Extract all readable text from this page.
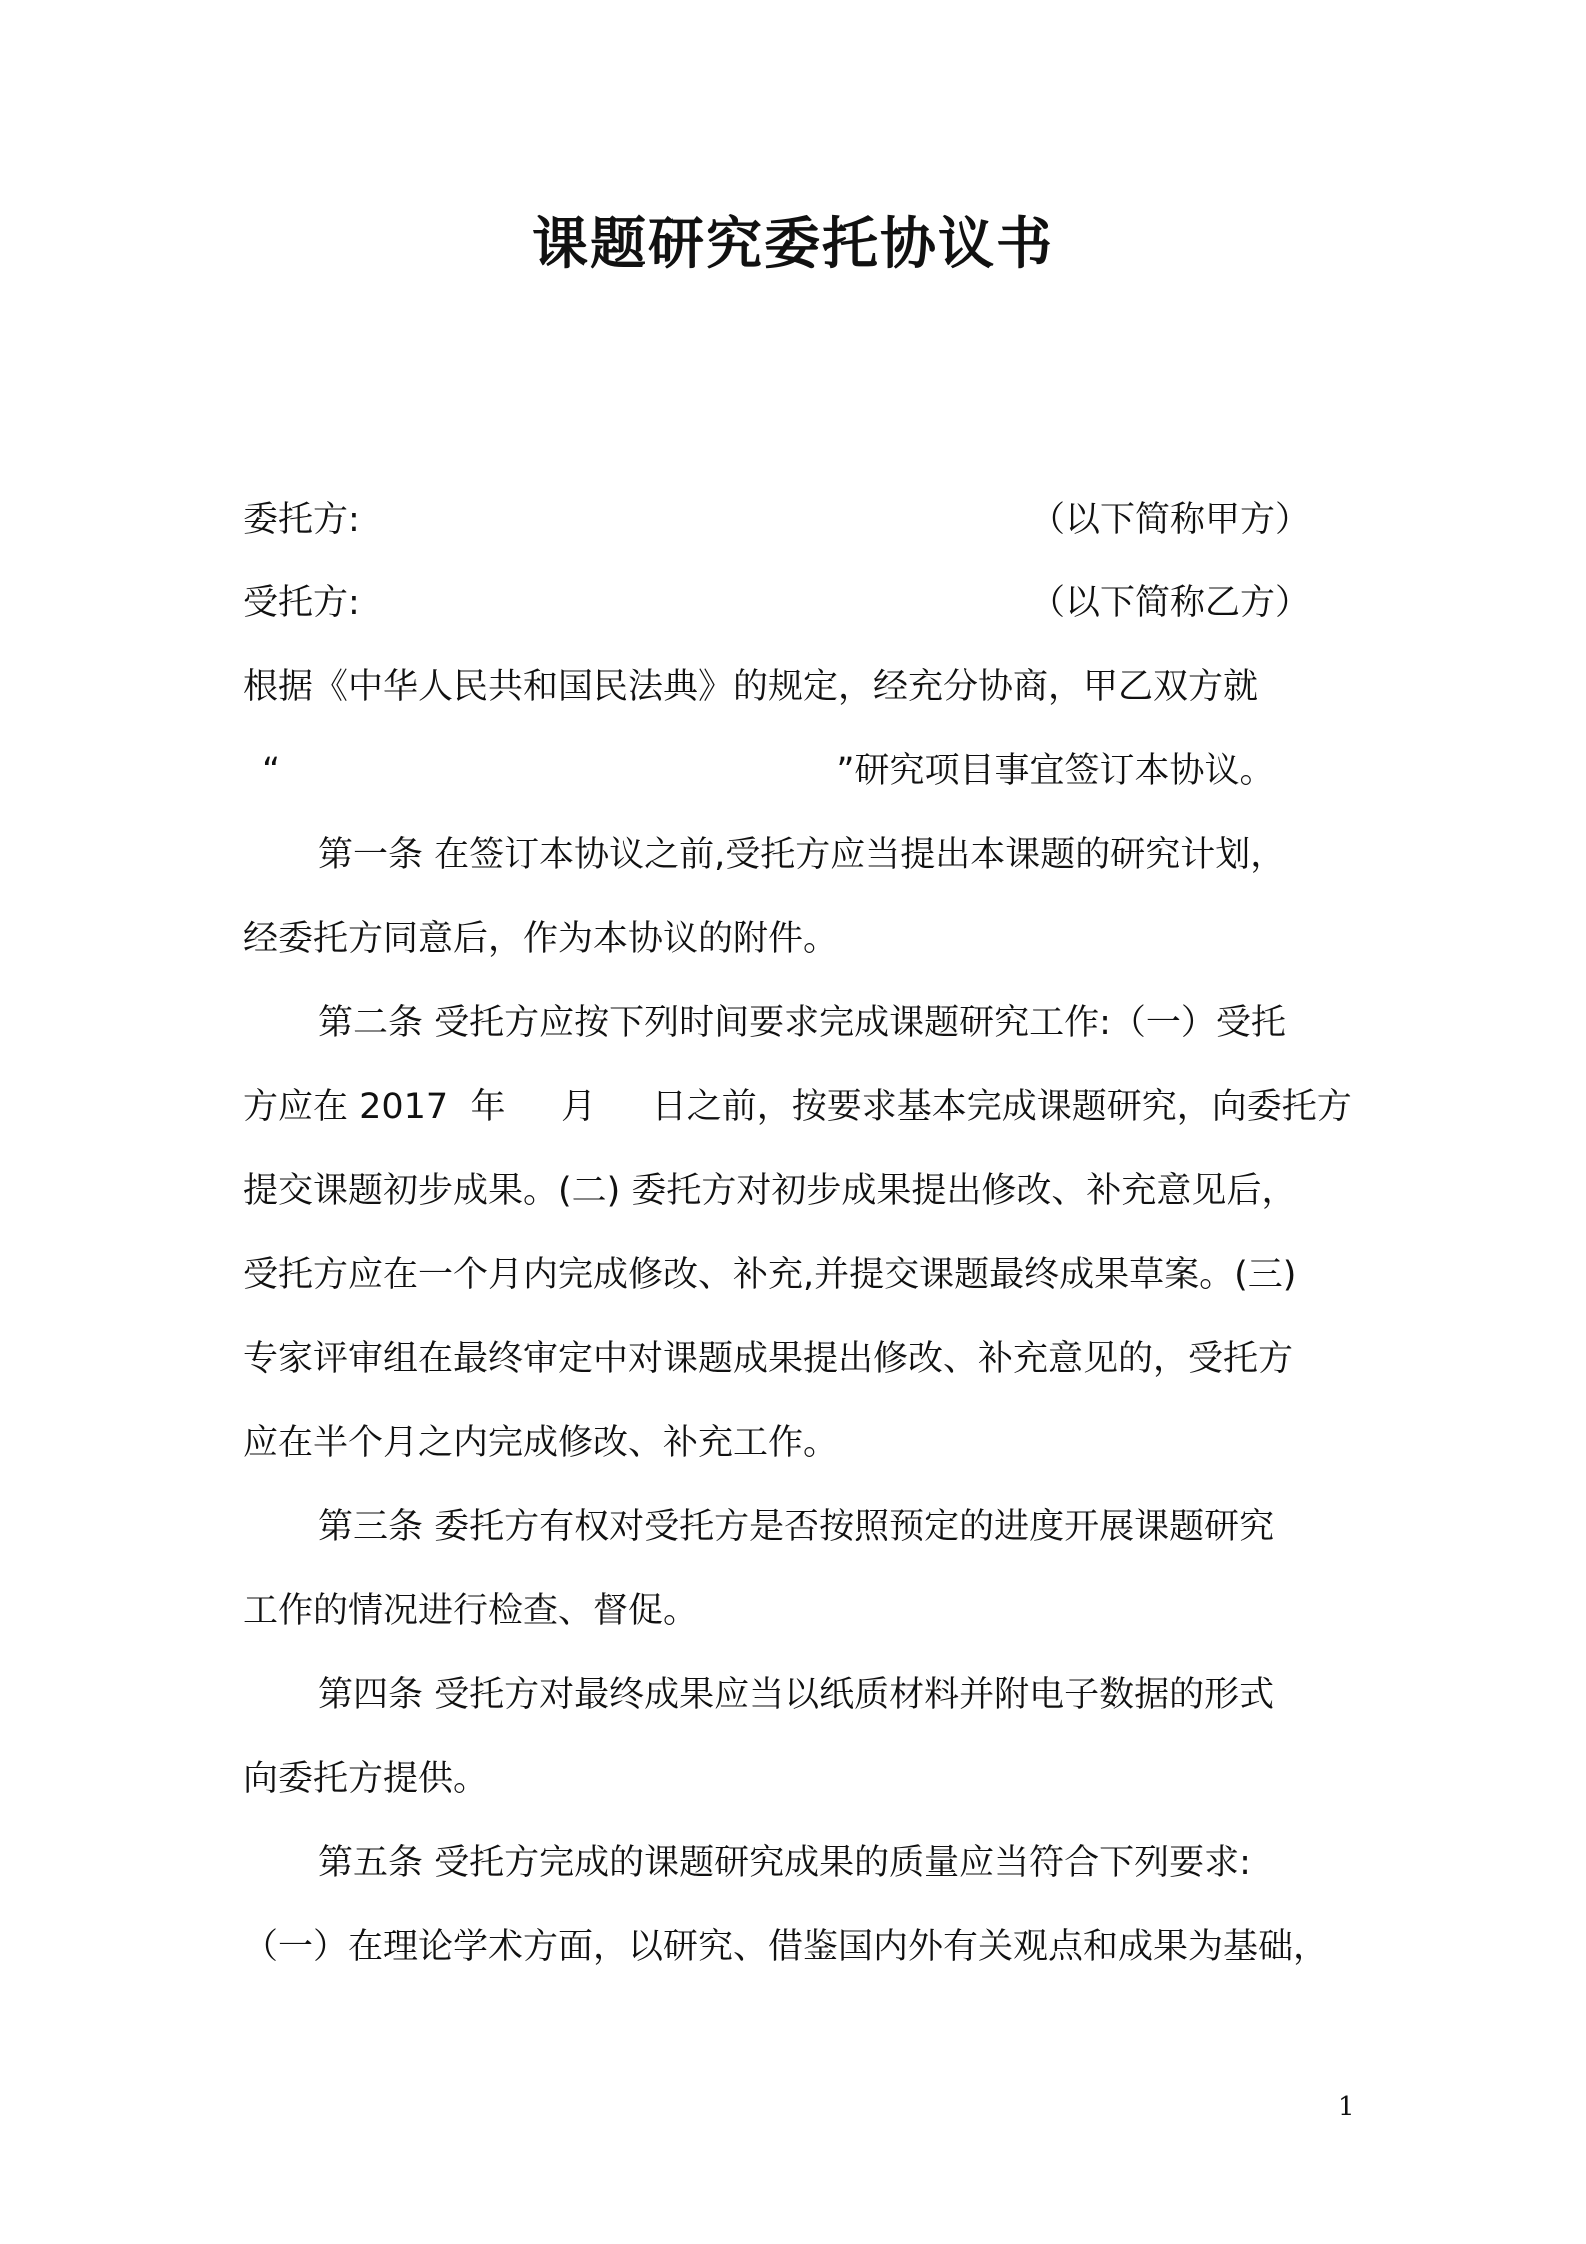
课题研究委托协议书

委托方:	（以下简称甲方）

受托方:	（以下简称乙方）

根据《中华人民共和国民法典》的规定，经充分协商，甲乙双方就

“                                                  ”研究项目事宜签订本协议。

第一条 在签订本协议之前,受托方应当提出本课题的研究计划，

经委托方同意后，作为本协议的附件。

第二条 受托方应按下列时间要求完成课题研究工作:（一）受托

方应在 2017  年     月     日之前，按要求基本完成课题研究，向委托方

提交课题初步成果。(二) 委托方对初步成果提出修改、补充意见后，

受托方应在一个月内完成修改、补充,并提交课题最终成果草案。(三)

专家评审组在最终审定中对课题成果提出修改、补充意见的，受托方

应在半个月之内完成修改、补充工作。

第三条 委托方有权对受托方是否按照预定的进度开展课题研究

工作的情况进行检查、督促。

第四条 受托方对最终成果应当以纸质材料并附电子数据的形式

向委托方提供。

第五条 受托方完成的课题研究成果的质量应当符合下列要求:

（一）在理论学术方面，以研究、借鉴国内外有关观点和成果为基础，

1
